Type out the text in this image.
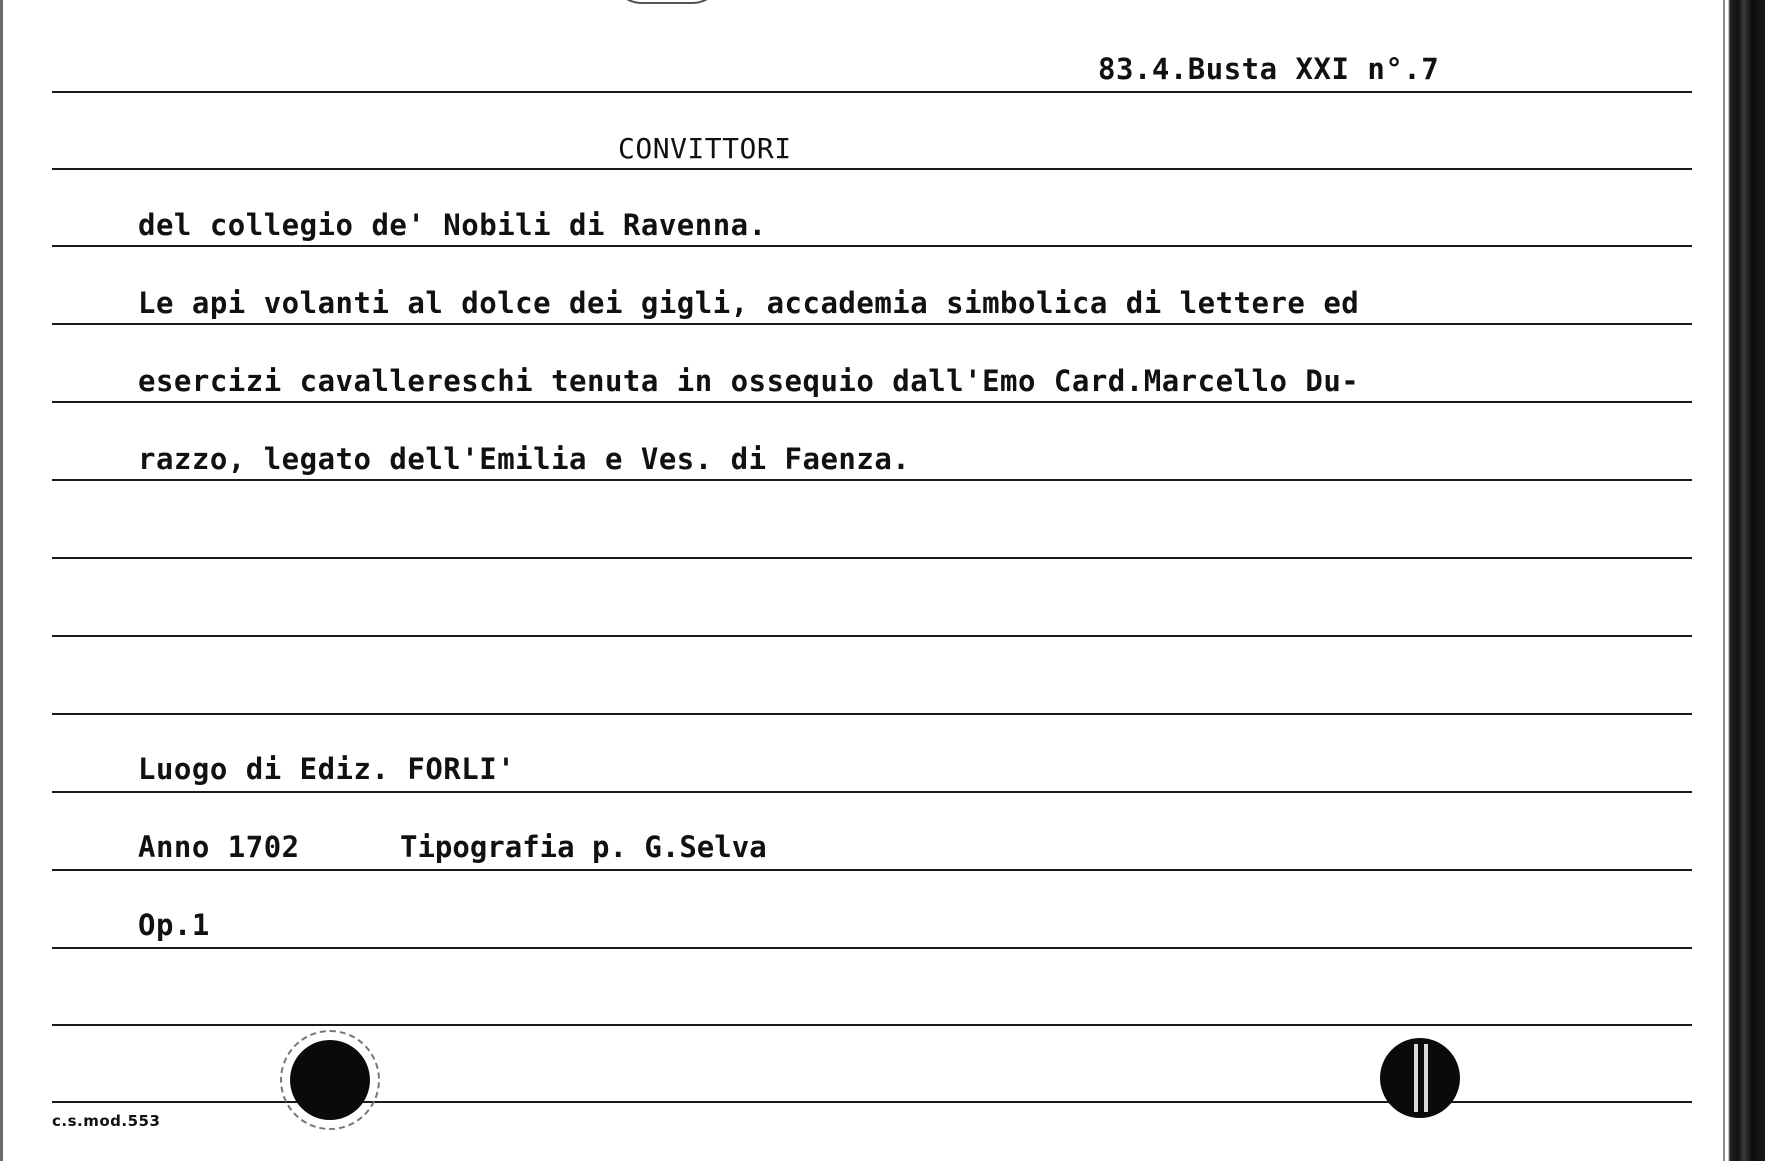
83.4.Busta XXI n°.7
CONVITTORI
del collegio de' Nobili di Ravenna.
Le api volanti al dolce dei gigli, accademia simbolica di lettere ed
esercizi cavallereschi tenuta in ossequio dall'Emo Card.Marcello Du-
razzo, legato dell'Emilia e Ves. di Faenza.
Luogo di Ediz. FORLI'
Anno 1702	Tipografia p. G.Selva
Op.1
c.s.mod.553
